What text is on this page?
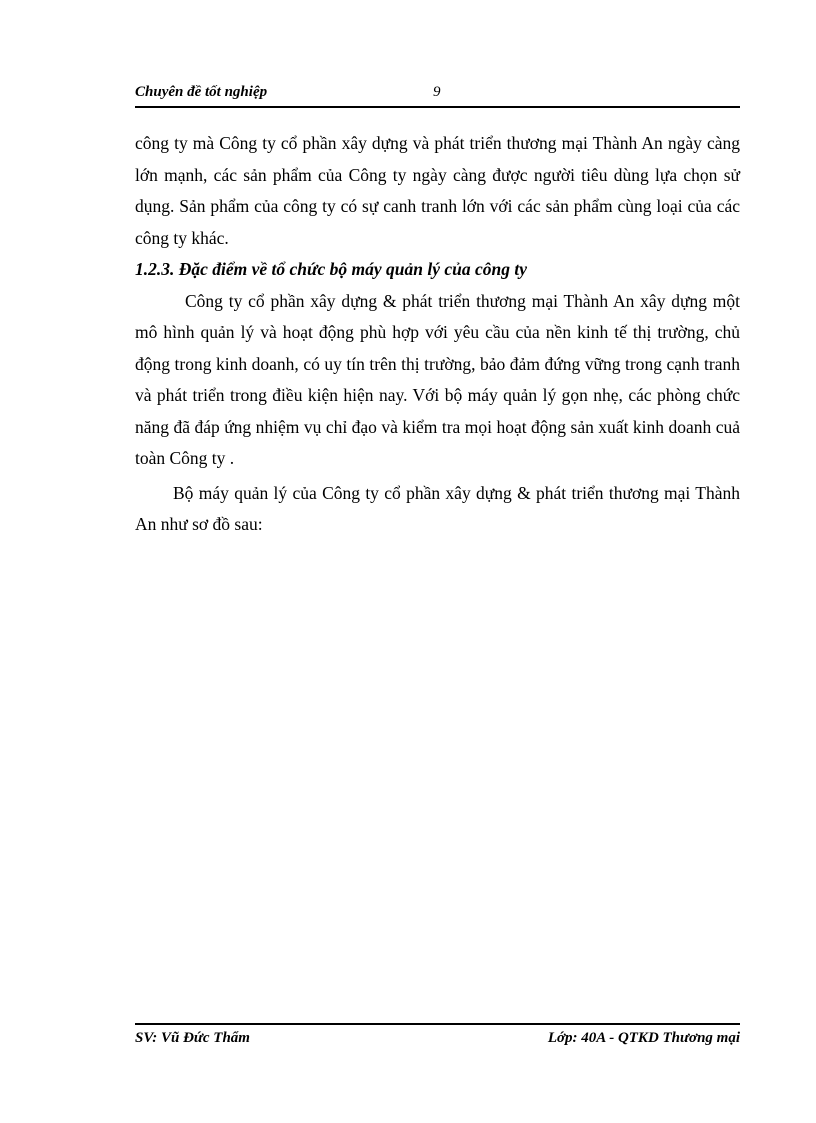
Chuyên đề tốt nghiệp	9

công ty mà Công ty cổ phần xây dựng và phát triển thương mại Thành An ngày càng lớn mạnh, các sản phẩm của Công ty ngày càng được người tiêu dùng lựa chọn sử dụng. Sản phẩm của công ty có sự canh tranh lớn với các sản phẩm cùng loại của các công ty khác.

1.2.3. Đặc điểm về tổ chức bộ máy quản lý của công ty

Công ty cổ phần xây dựng & phát triển thương mại Thành An xây dựng một mô hình quản lý và hoạt động phù hợp với yêu cầu của nền kinh tế thị trường, chủ động trong kinh doanh, có uy tín trên thị trường, bảo đảm đứng vững trong cạnh tranh và phát triển trong điều kiện hiện nay. Với bộ máy quản lý gọn nhẹ, các phòng chức năng đã đáp ứng nhiệm vụ chỉ đạo và kiểm tra mọi hoạt động sản xuất kinh doanh cuả toàn Công ty .

Bộ máy quản lý của Công ty cổ phần xây dựng & phát triển thương mại Thành An như sơ đồ sau:

SV: Vũ Đức Thẩm	Lớp: 40A - QTKD Thương mại
